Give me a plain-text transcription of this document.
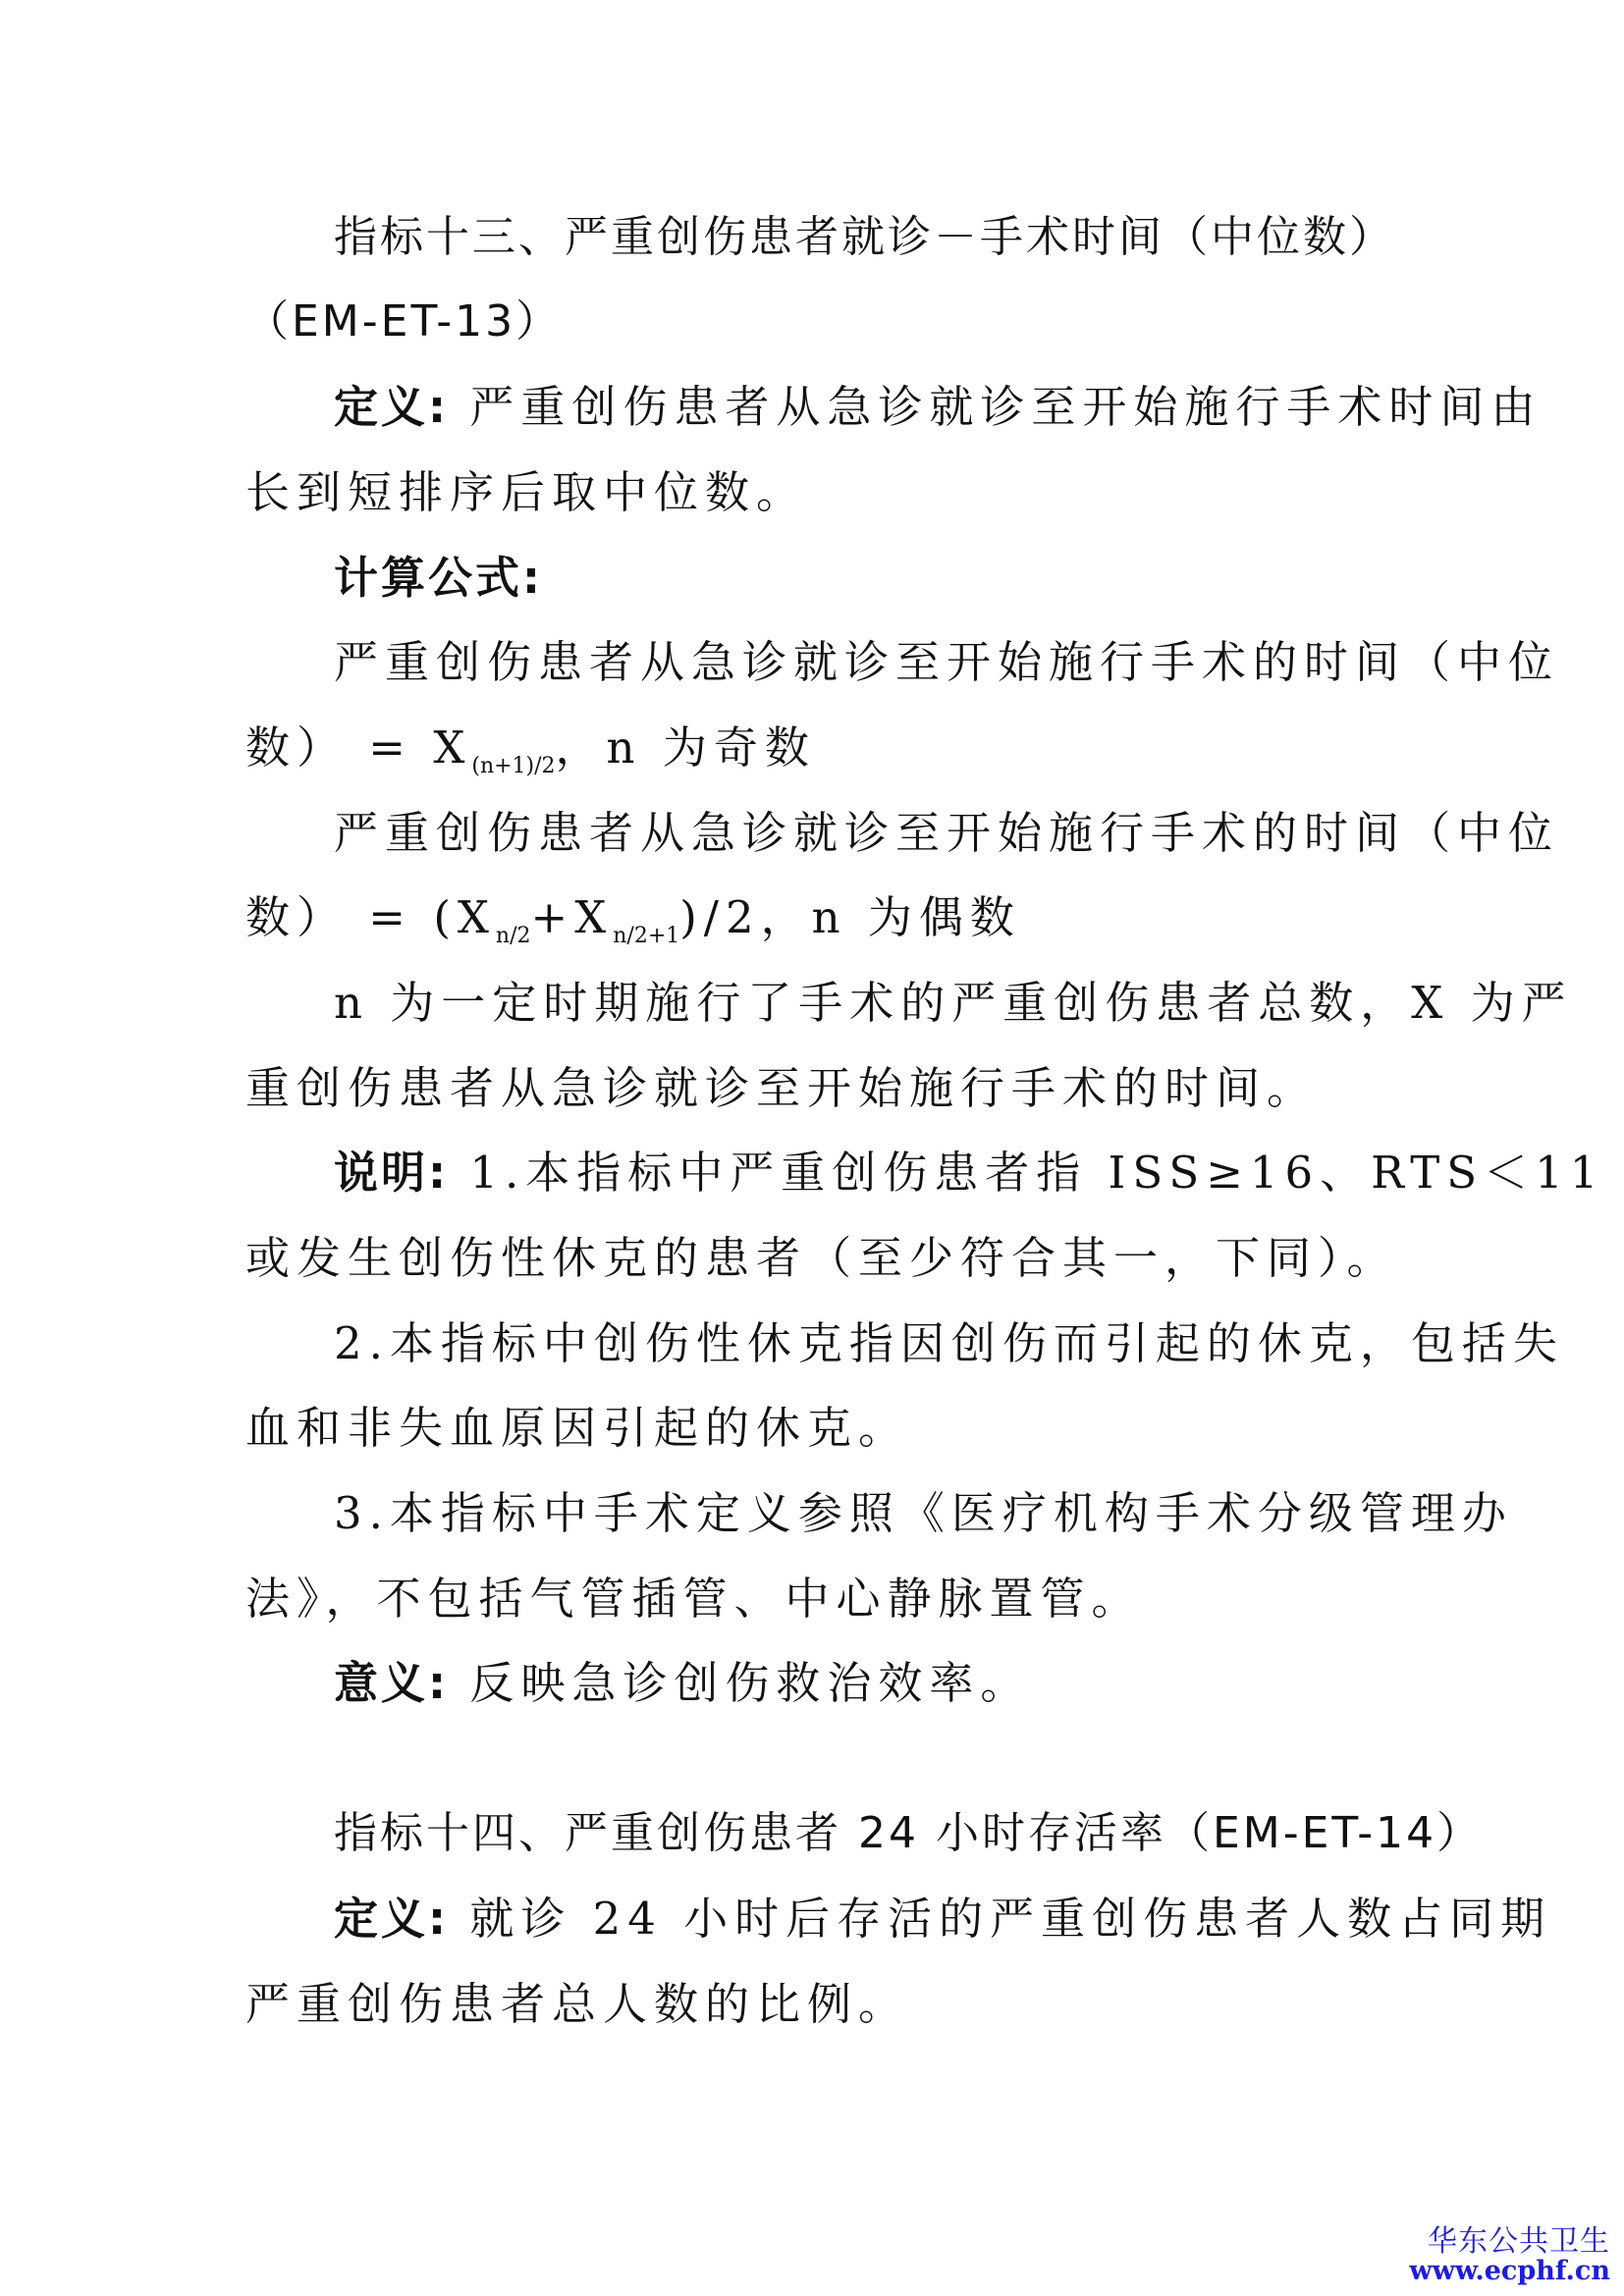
指标十三、严重创伤患者就诊－手术时间（中位数）
（EM-ET-13）
定义: 严重创伤患者从急诊就诊至开始施行手术时间由
长到短排序后取中位数。
计算公式:
严重创伤患者从急诊就诊至开始施行手术的时间（中位
数） = $X_{(n+1)/2}$，n 为奇数
严重创伤患者从急诊就诊至开始施行手术的时间（中位
数） = $(X_{n/2}+X_{n/2+1})/2$，n 为偶数
n 为一定时期施行了手术的严重创伤患者总数，X 为严
重创伤患者从急诊就诊至开始施行手术的时间。
说明: 1.本指标中严重创伤患者指 ISS≥16、RTS＜11
或发生创伤性休克的患者（至少符合其一，下同）。
2.本指标中创伤性休克指因创伤而引起的休克，包括失
血和非失血原因引起的休克。
3.本指标中手术定义参照《医疗机构手术分级管理办
法》，不包括气管插管、中心静脉置管。
意义: 反映急诊创伤救治效率。
指标十四、严重创伤患者 24 小时存活率（EM-ET-14）
定义: 就诊 24 小时后存活的严重创伤患者人数占同期
严重创伤患者总人数的比例。
华东公共卫生
www.ecphf.cn
